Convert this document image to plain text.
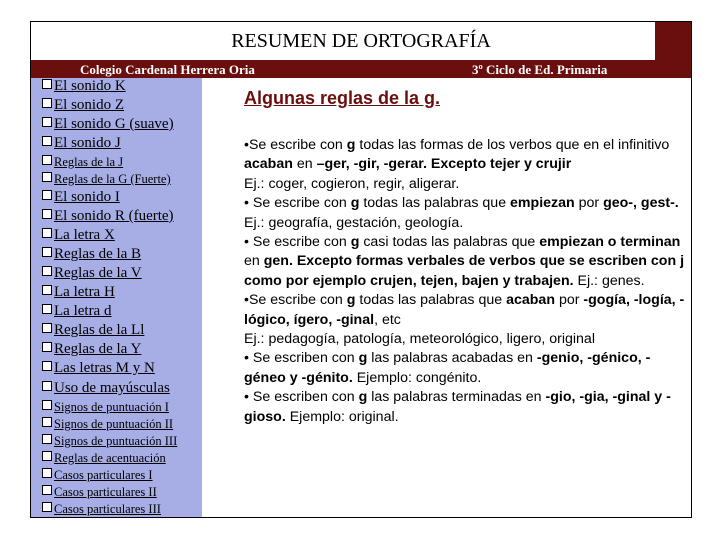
RESUMEN DE ORTOGRAFÍA
Colegio Cardenal Herrera Oria	3º Ciclo de Ed. Primaria
El sonido K
El sonido Z
El sonido G (suave)
El sonido J
Reglas de la J
Reglas de la G (Fuerte)
El sonido I
El sonido R (fuerte)
La letra X
Reglas de la B
Reglas de la V
La letra H
La letra d
Reglas de la Ll
Reglas de la Y
Las letras M y N
Uso de mayúsculas
Signos de puntuación I
Signos de puntuación II
Signos de puntuación III
Reglas de acentuación
Casos particulares I
Casos particulares II
Casos particulares III
Algunas reglas de la g.

•Se escribe con g todas las formas de los verbos que en el infinitivo acaban en –ger, -gir, -gerar. Excepto tejer y crujir

Ej.: coger, cogieron, regir, aligerar.

• Se escribe con g todas las palabras que empiezan por geo-, gest-.

Ej.: geografía, gestación, geología.

• Se escribe con g casi todas las palabras que empiezan o terminan en gen. Excepto formas verbales de verbos que se escriben con j como por ejemplo crujen, tejen, bajen y trabajen. Ej.: genes.

•Se escribe con g todas las palabras que acaban por -gogía, -logía, -lógico, ígero, -ginal, etc

Ej.: pedagogía, patología, meteorológico, ligero, original

• Se escriben con g las palabras acabadas en -genio, -génico, -géneo y -génito. Ejemplo: congénito.

• Se escriben con g las palabras terminadas en -gio, -gia, -ginal y -gioso. Ejemplo: original.
